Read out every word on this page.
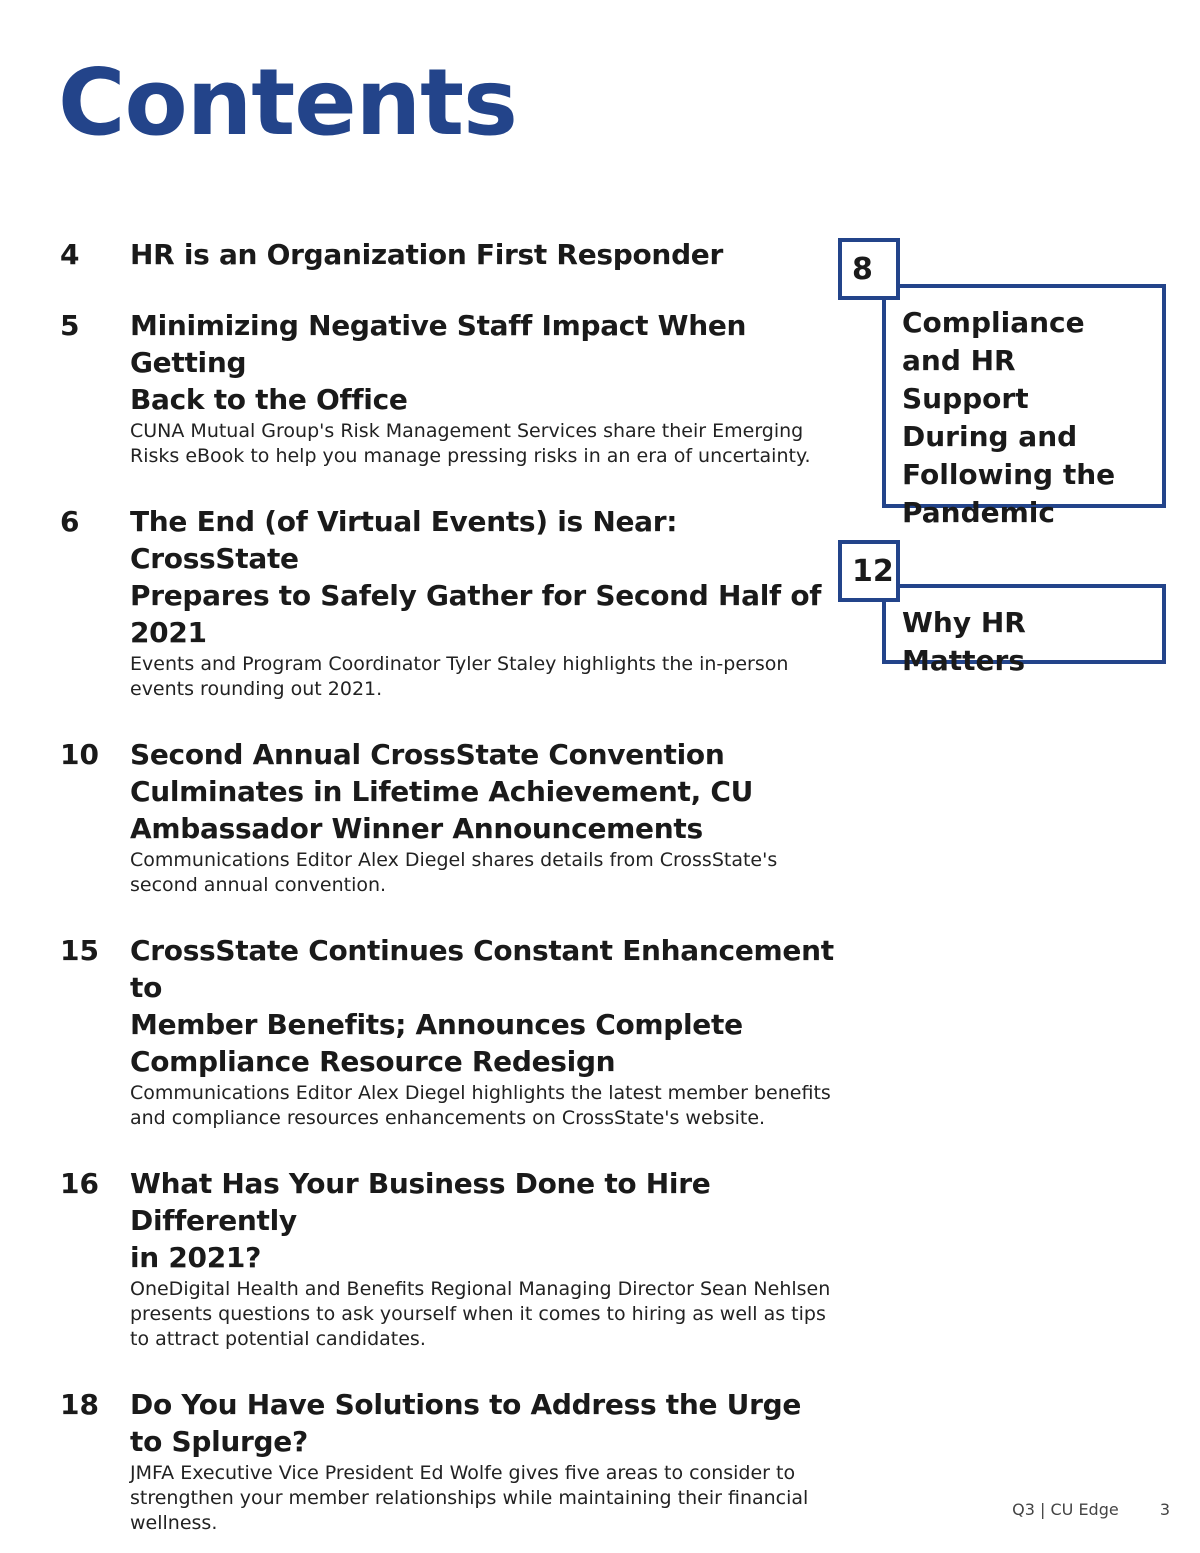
Contents
4 HR is an Organization First Responder
5 Minimizing Negative Staff Impact When Getting
Back to the Office
CUNA Mutual Group's Risk Management Services share their Emerging
Risks eBook to help you manage pressing risks in an era of uncertainty.
6 The End (of Virtual Events) is Near: CrossState
Prepares to Safely Gather for Second Half of 2021
Events and Program Coordinator Tyler Staley highlights the in-person
events rounding out 2021.
10 Second Annual CrossState Convention
Culminates in Lifetime Achievement, CU
Ambassador Winner Announcements
Communications Editor Alex Diegel shares details from CrossState's
second annual convention.
15 CrossState Continues Constant Enhancement to
Member Benefits; Announces Complete
Compliance Resource Redesign
Communications Editor Alex Diegel highlights the latest member benefits
and compliance resources enhancements on CrossState's website.
16 What Has Your Business Done to Hire Differently
in 2021?
OneDigital Health and Benefits Regional Managing Director Sean Nehlsen
presents questions to ask yourself when it comes to hiring as well as tips
to attract potential candidates.
18 Do You Have Solutions to Address the Urge
to Splurge?
JMFA Executive Vice President Ed Wolfe gives five areas to consider to
strengthen your member relationships while maintaining their financial
wellness.
8
Compliance
and HR Support
During and
Following the
Pandemic
12
Why HR Matters
Q3 | CU Edge	3
